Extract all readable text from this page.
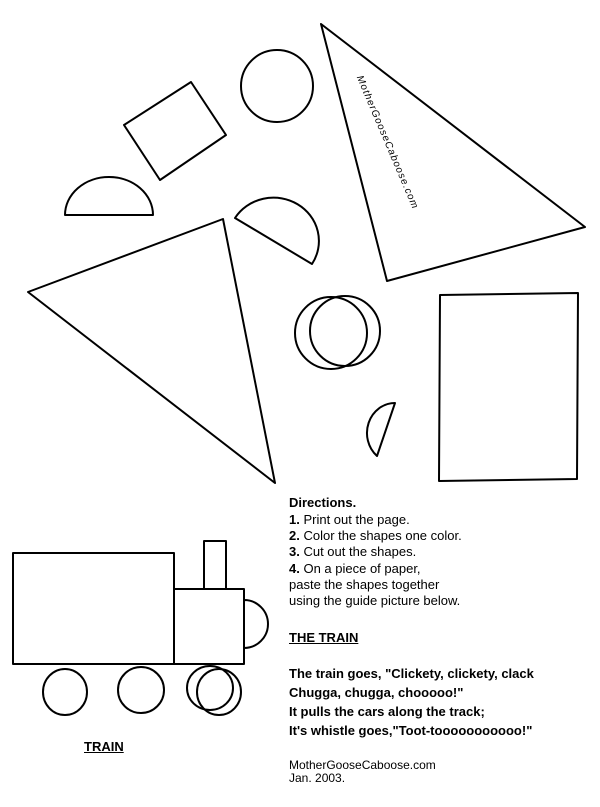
MotherGooseCaboose.com
Directions.
1. Print out the page.
2. Color the shapes one color.
3. Cut out the shapes.
4. On a piece of paper,
paste the shapes together
using the guide picture below.
THE TRAIN
The train goes, "Clickety, clickety, clack
Chugga, chugga, chooooo!"
It pulls the cars along the track;
It's whistle goes,"Toot-tooooooooooo!"
TRAIN
MotherGooseCaboose.com
Jan. 2003.
